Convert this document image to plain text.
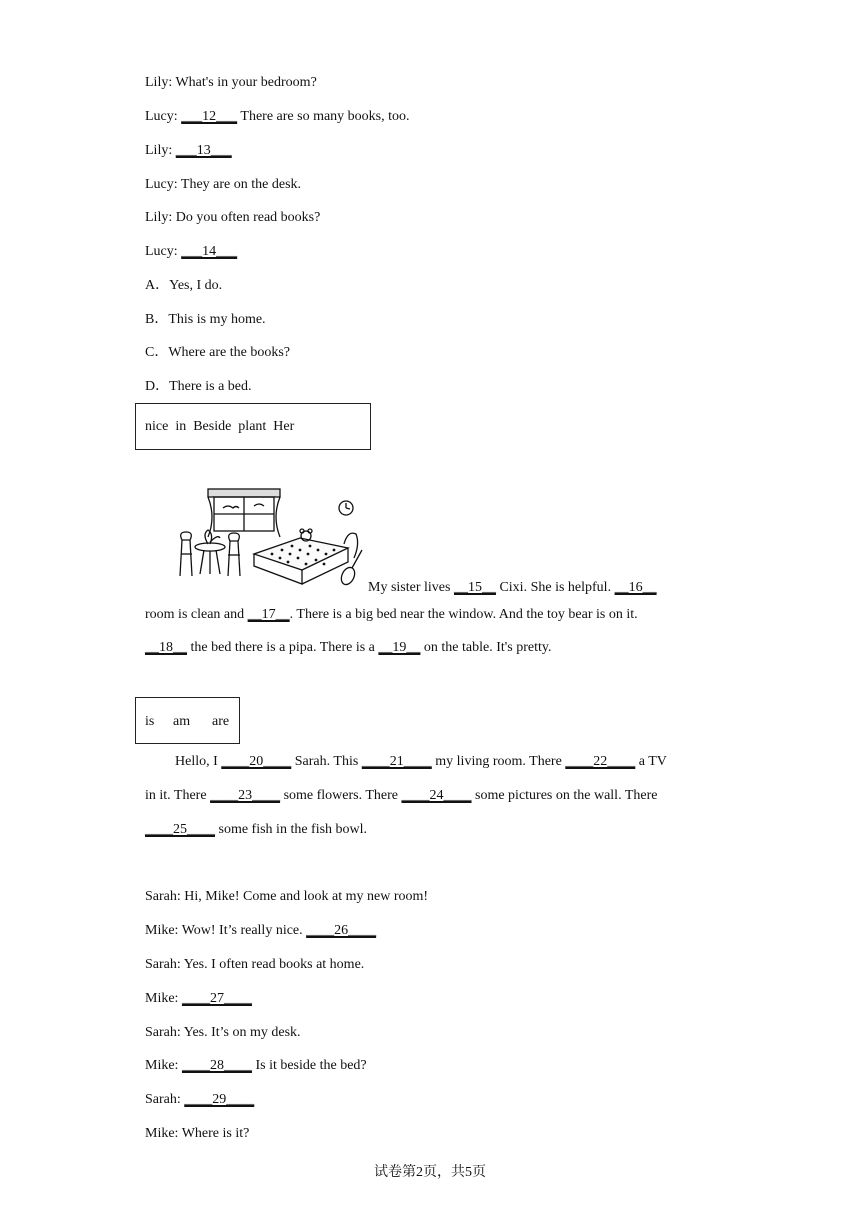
Lily: What's in your bedroom?
Lucy: ___12___ There are so many books, too.
Lily: ___13___
Lucy: They are on the desk.
Lily: Do you often read books?
Lucy: ___14___
A．Yes, I do.
B．This is my home.
C．Where are the books?
D．There is a bed.
nice  in  Beside  plant  Her
My sister lives __15__ Cixi. She is helpful. __16__
room is clean and __17__. There is a big bed near the window. And the toy bear is on it.
__18__ the bed there is a pipa. There is a __19__ on the table. It's pretty.
is am are
Hello, I ____20____ Sarah. This ____21____ my living room. There ____22____ a TV
in it. There ____23____ some flowers. There ____24____ some pictures on the wall. There
____25____ some fish in the fish bowl.
Sarah: Hi, Mike! Come and look at my new room!
Mike: Wow! It’s really nice. ____26____
Sarah: Yes. I often read books at home.
Mike: ____27____
Sarah: Yes. It’s on my desk.
Mike: ____28____ Is it beside the bed?
Sarah: ____29____
Mike: Where is it?
试卷第2页，共5页
